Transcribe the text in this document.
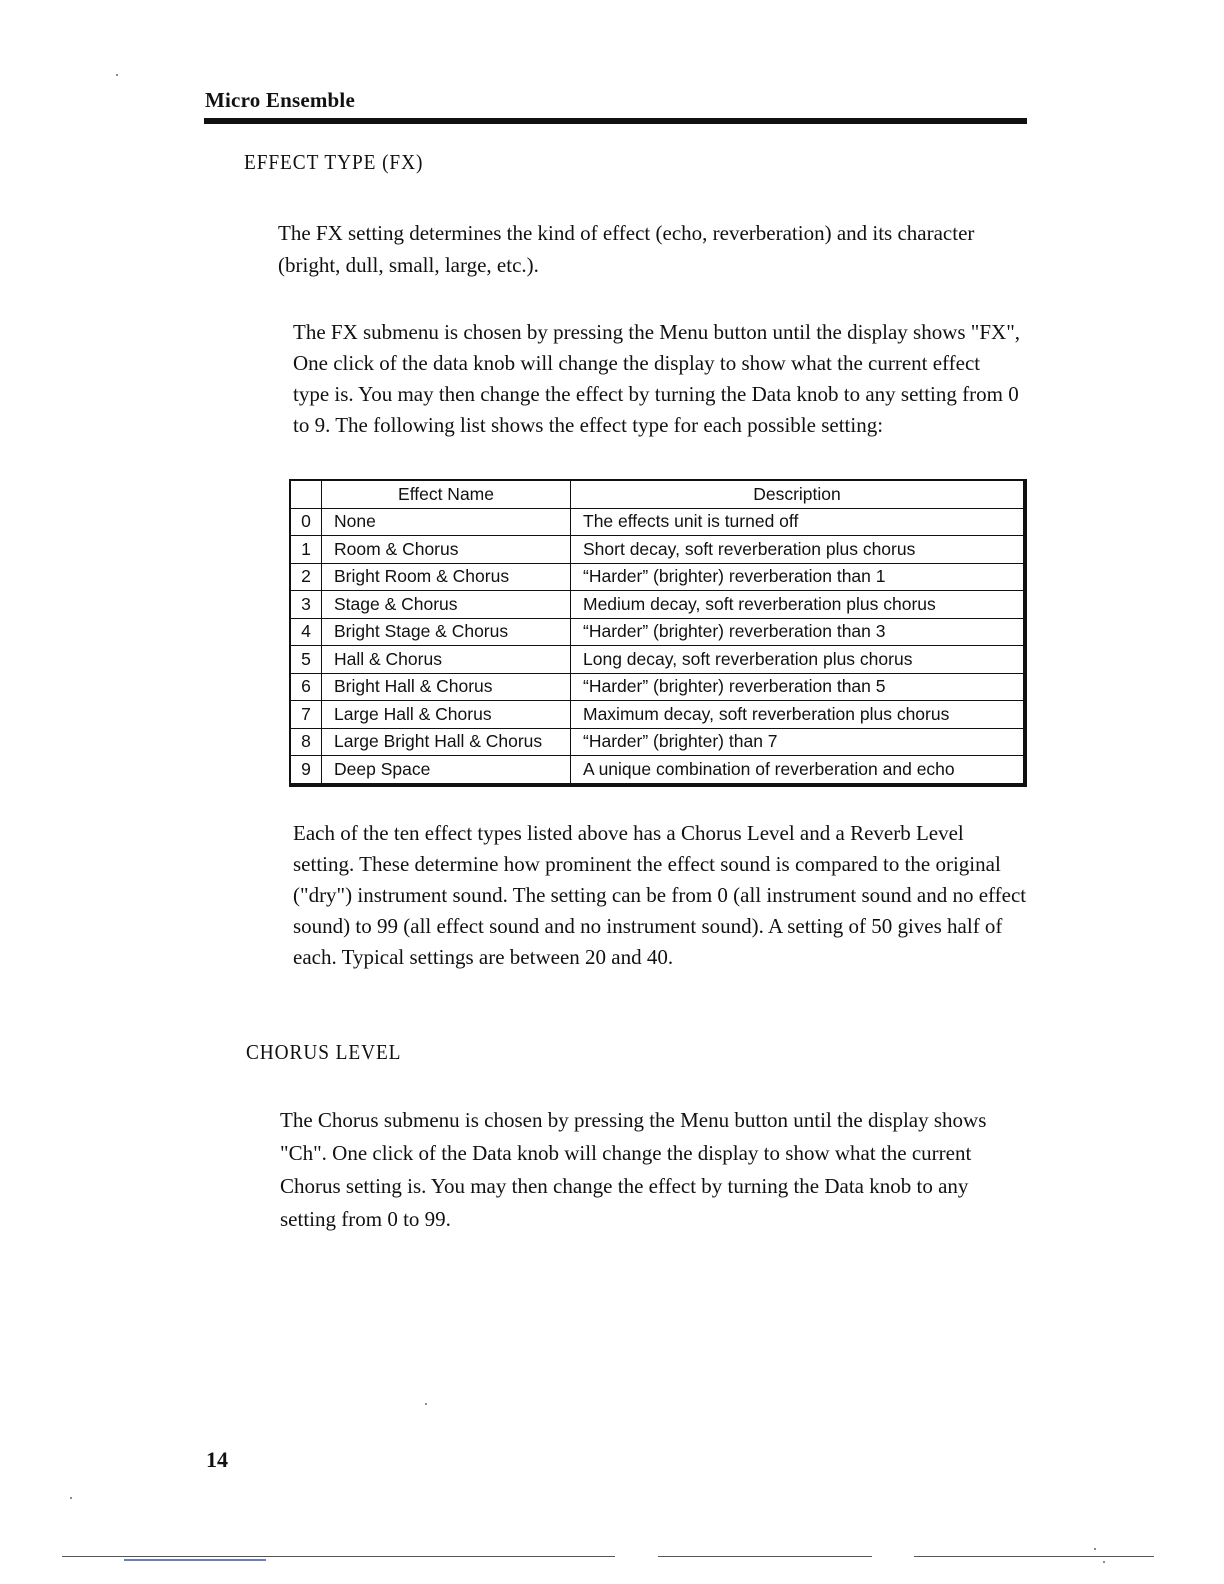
Micro Ensemble
EFFECT TYPE (FX)

The FX setting determines the kind of effect (echo, reverberation) and its character (bright, dull, small, large, etc.).

The FX submenu is chosen by pressing the Menu button until the display shows "FX", One click of the data knob will change the display to show what the current effect type is. You may then change the effect by turning the Data knob to any setting from 0 to 9. The following list shows the effect type for each possible setting:

	Effect Name	Description
0	None	The effects unit is turned off
1	Room & Chorus	Short decay, soft reverberation plus chorus
2	Bright Room & Chorus	“Harder” (brighter) reverberation than 1
3	Stage & Chorus	Medium decay, soft reverberation plus chorus
4	Bright Stage & Chorus	“Harder” (brighter) reverberation than 3
5	Hall & Chorus	Long decay, soft reverberation plus chorus
6	Bright Hall & Chorus	“Harder” (brighter) reverberation than 5
7	Large Hall & Chorus	Maximum decay, soft reverberation plus chorus
8	Large Bright Hall & Chorus	“Harder” (brighter) than 7
9	Deep Space	A unique combination of reverberation and echo

Each of the ten effect types listed above has a Chorus Level and a Reverb Level setting. These determine how prominent the effect sound is compared to the original ("dry") instrument sound. The setting can be from 0 (all instrument sound and no effect sound) to 99 (all effect sound and no instrument sound). A setting of 50 gives half of each. Typical settings are between 20 and 40.

CHORUS LEVEL

The Chorus submenu is chosen by pressing the Menu button until the display shows "Ch". One click of the Data knob will change the display to show what the current Chorus setting is. You may then change the effect by turning the Data knob to any setting from 0 to 99.

14
